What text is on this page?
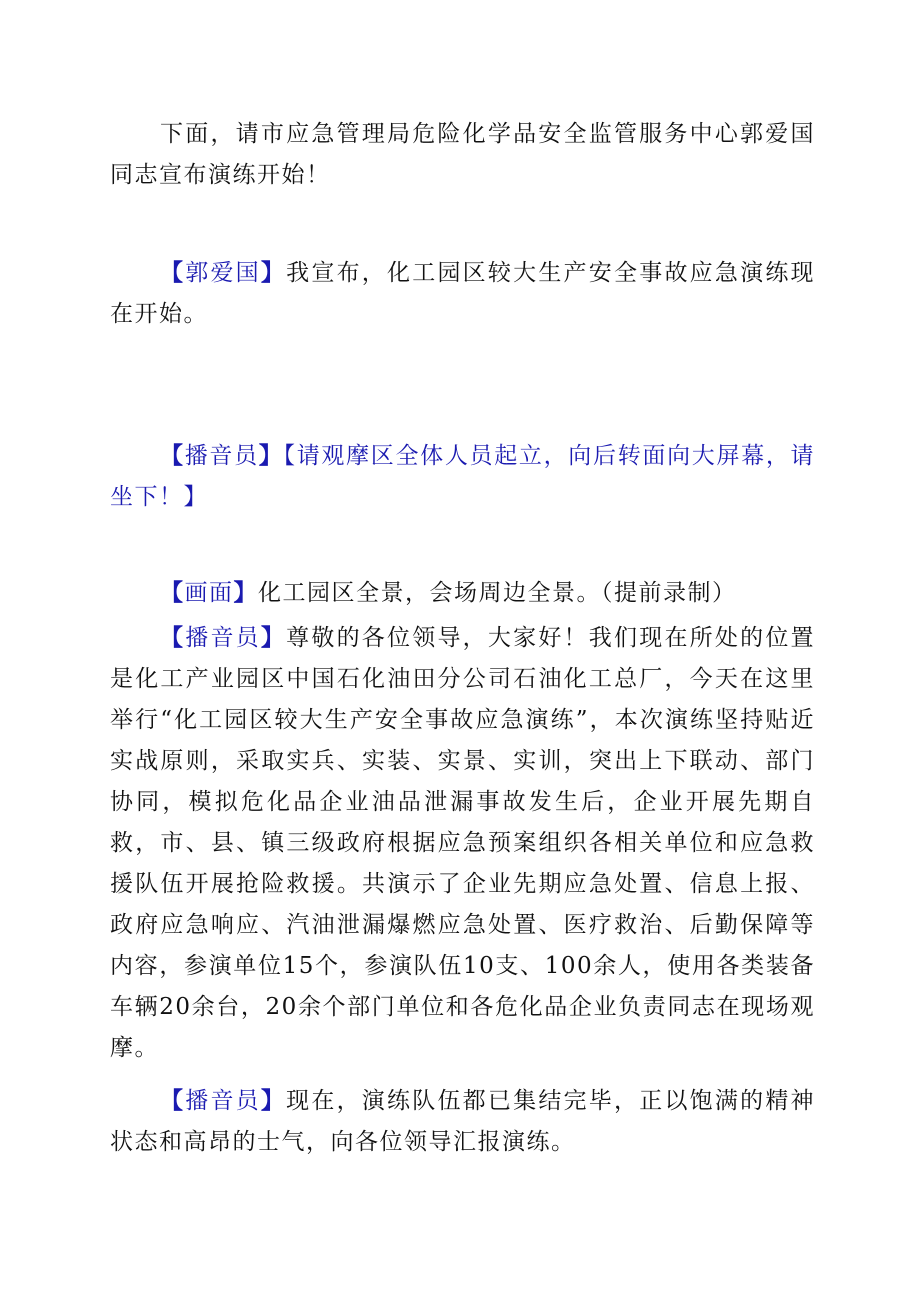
下面，请市应急管理局危险化学品安全监管服务中心郭爱国同志宣布演练开始！

【郭爱国】我宣布，化工园区较大生产安全事故应急演练现在开始。

【播音员】【请观摩区全体人员起立，向后转面向大屏幕，请坐下！】

【画面】化工园区全景，会场周边全景。（提前录制）

【播音员】尊敬的各位领导，大家好！我们现在所处的位置是化工产业园区中国石化油田分公司石油化工总厂，今天在这里举行“化工园区较大生产安全事故应急演练”，本次演练坚持贴近实战原则，采取实兵、实装、实景、实训，突出上下联动、部门协同，模拟危化品企业油品泄漏事故发生后，企业开展先期自救，市、县、镇三级政府根据应急预案组织各相关单位和应急救援队伍开展抢险救援。共演示了企业先期应急处置、信息上报、政府应急响应、汽油泄漏爆燃应急处置、医疗救治、后勤保障等内容，参演单位15个，参演队伍10支、100余人，使用各类装备车辆20余台，20余个部门单位和各危化品企业负责同志在现场观摩。

【播音员】现在，演练队伍都已集结完毕，正以饱满的精神状态和高昂的士气，向各位领导汇报演练。
